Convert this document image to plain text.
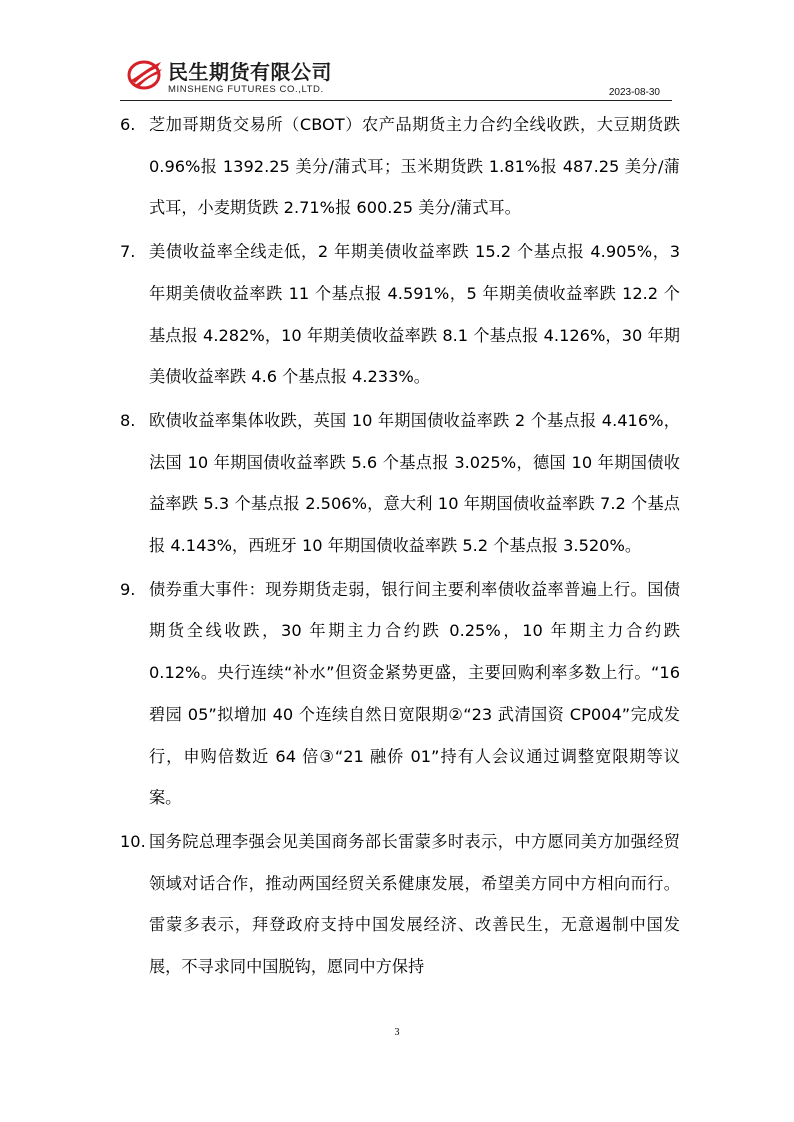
民生期货有限公司
MINSHENG FUTURES CO.,LTD.	2023-08-30
6. 芝加哥期货交易所（CBOT）农产品期货主力合约全线收跌，大豆期货跌 0.96%报 1392.25 美分/蒲式耳；玉米期货跌 1.81%报 487.25 美分/蒲式耳，小麦期货跌 2.71%报 600.25 美分/蒲式耳。
7. 美债收益率全线走低，2 年期美债收益率跌 15.2 个基点报 4.905%，3 年期美债收益率跌 11 个基点报 4.591%，5 年期美债收益率跌 12.2 个基点报 4.282%，10 年期美债收益率跌 8.1 个基点报 4.126%，30 年期美债收益率跌 4.6 个基点报 4.233%。
8. 欧债收益率集体收跌，英国 10 年期国债收益率跌 2 个基点报 4.416%，法国 10 年期国债收益率跌 5.6 个基点报 3.025%，德国 10 年期国债收益率跌 5.3 个基点报 2.506%，意大利 10 年期国债收益率跌 7.2 个基点报 4.143%，西班牙 10 年期国债收益率跌 5.2 个基点报 3.520%。
9. 债券重大事件：现券期货走弱，银行间主要利率债收益率普遍上行。国债期货全线收跌，30 年期主力合约跌 0.25%，10 年期主力合约跌 0.12%。央行连续“补水”但资金紧势更盛，主要回购利率多数上行。“16 碧园 05”拟增加 40 个连续自然日宽限期②“23 武清国资 CP004”完成发行，申购倍数近 64 倍③“21 融侨 01”持有人会议通过调整宽限期等议案。
10. 国务院总理李强会见美国商务部长雷蒙多时表示，中方愿同美方加强经贸领域对话合作，推动两国经贸关系健康发展，希望美方同中方相向而行。雷蒙多表示，拜登政府支持中国发展经济、改善民生，无意遏制中国发展，不寻求同中国脱钩，愿同中方保持
3
